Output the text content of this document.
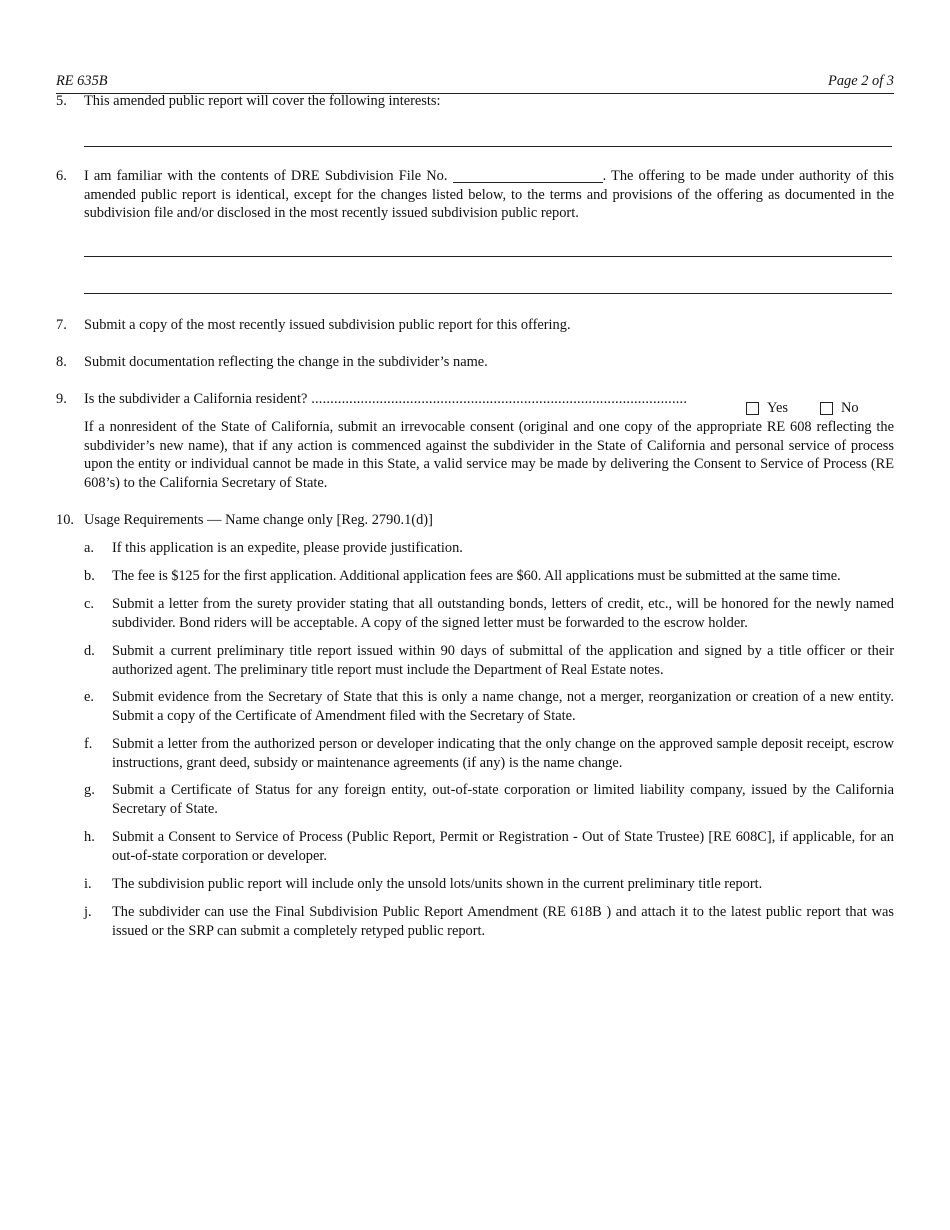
RE 635B	Page 2 of 3
5. This amended public report will cover the following interests:
6. I am familiar with the contents of DRE Subdivision File No.	. The offering to be made under authority of this amended public report is identical, except for the changes listed below, to the terms and provisions of the offering as documented in the subdivision file and/or disclosed in the most recently issued subdivision public report.
7. Submit a copy of the most recently issued subdivision public report for this offering.
8. Submit documentation reflecting the change in the subdivider’s name.
9. Is the subdivider a California resident? ...................................................................................................
Yes	No
If a nonresident of the State of California, submit an irrevocable consent (original and one copy of the appropriate RE 608 reflecting the subdivider’s new name), that if any action is commenced against the subdivider in the State of California and personal service of process upon the entity or individual cannot be made in this State, a valid service may be made by delivering the Consent to Service of Process (RE 608’s) to the California Secretary of State.
10. Usage Requirements — Name change only [Reg. 2790.1(d)]
a. If this application is an expedite, please provide justification.
b. The fee is $125 for the first application. Additional application fees are $60. All applications must be submitted at the same time.
c. Submit a letter from the surety provider stating that all outstanding bonds, letters of credit, etc., will be honored for the newly named subdivider. Bond riders will be acceptable. A copy of the signed letter must be forwarded to the escrow holder.
d. Submit a current preliminary title report issued within 90 days of submittal of the application and signed by a title officer or their authorized agent. The preliminary title report must include the Department of Real Estate notes.
e. Submit evidence from the Secretary of State that this is only a name change, not a merger, reorganization or creation of a new entity. Submit a copy of the Certificate of Amendment filed with the Secretary of State.
f. Submit a letter from the authorized person or developer indicating that the only change on the approved sample deposit receipt, escrow instructions, grant deed, subsidy or maintenance agreements (if any) is the name change.
g. Submit a Certificate of Status for any foreign entity, out-of-state corporation or limited liability company, issued by the California Secretary of State.
h. Submit a Consent to Service of Process (Public Report, Permit or Registration - Out of State Trustee) [RE 608C], if applicable, for an out-of-state corporation or developer.
i. The subdivision public report will include only the unsold lots/units shown in the current preliminary title report.
j. The subdivider can use the Final Subdivision Public Report Amendment (RE 618B ) and attach it to the latest public report that was issued or the SRP can submit a completely retyped public report.
